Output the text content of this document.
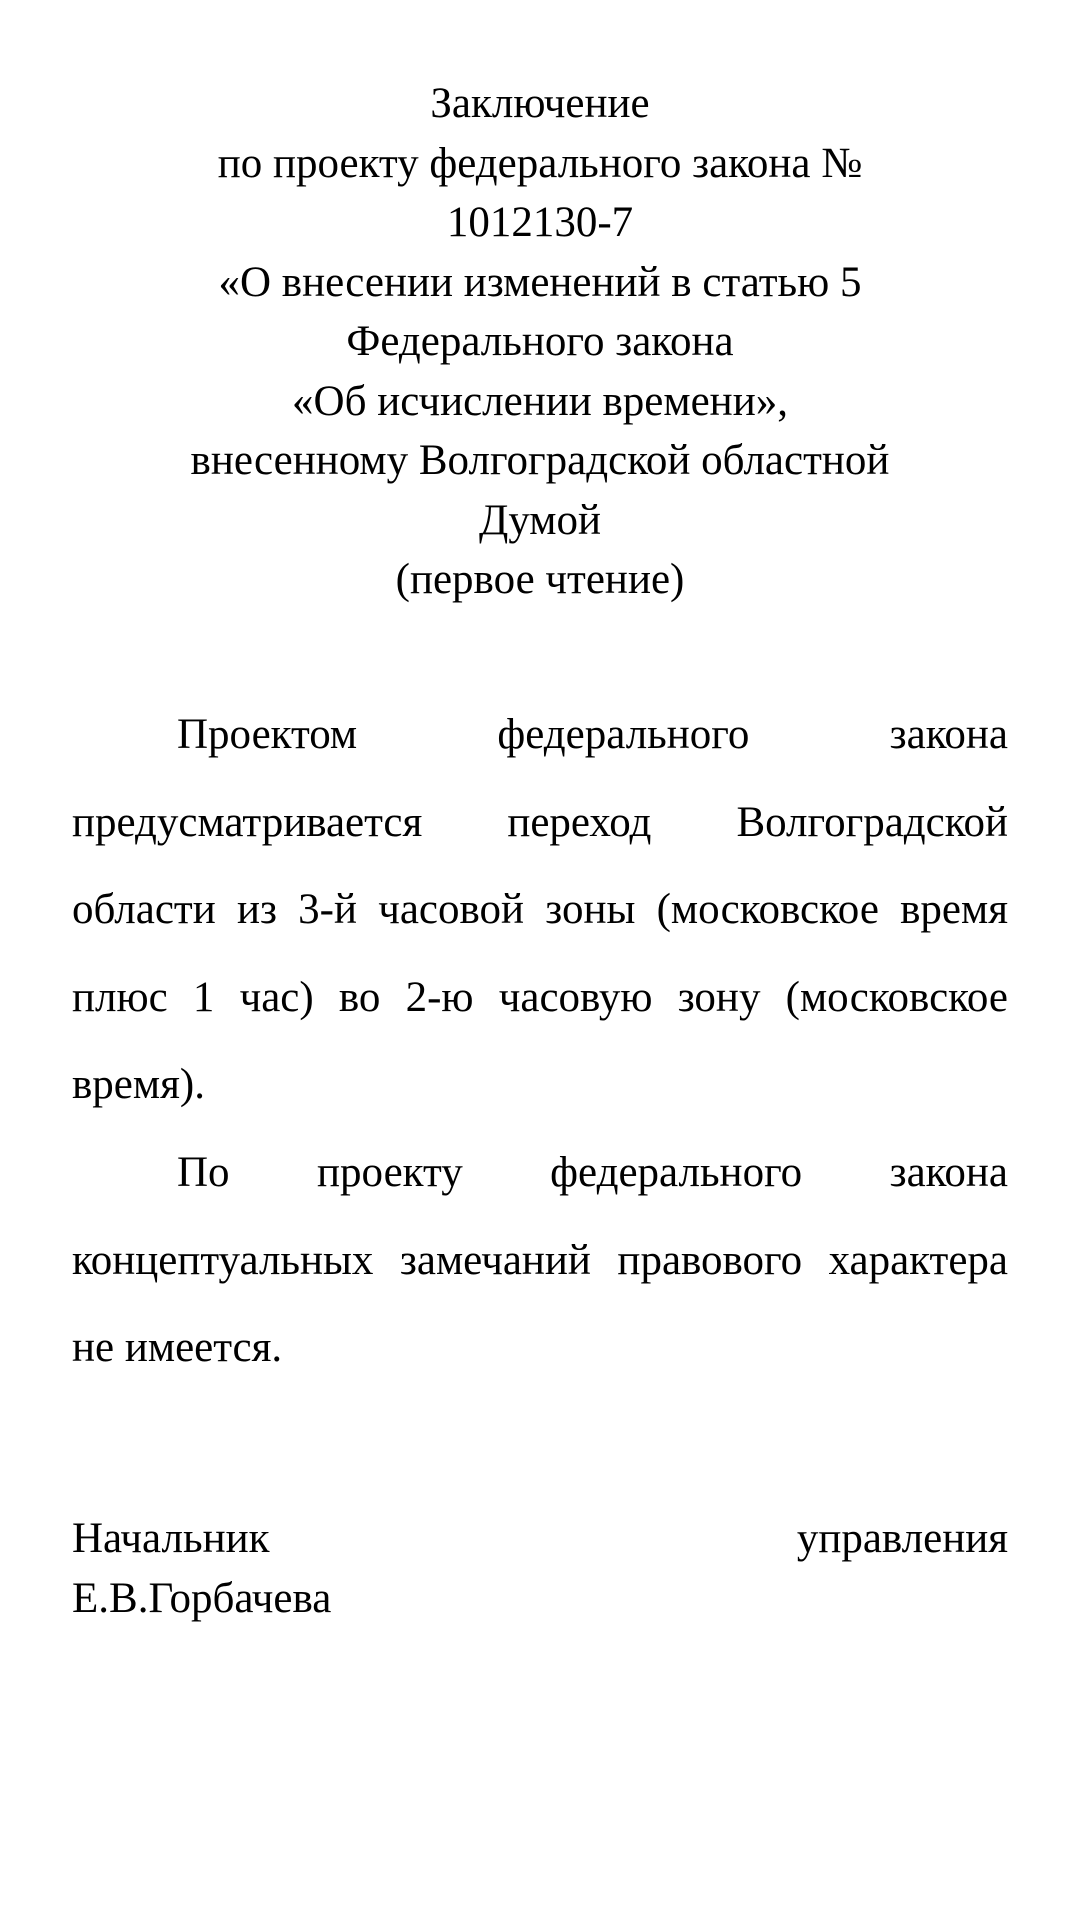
Заключение
по проекту федерального закона №
1012130-7
«О внесении изменений в статью 5
Федерального закона
«Об исчислении времени»,
внесенному Волгоградской областной
Думой
(первое чтение)

Проектом федерального закона предусматривается переход Волгоградской области из 3-й часовой зоны (московское время плюс 1 час) во 2-ю часовую зону (московское время).

По проекту федерального закона концептуальных замечаний правового характера не имеется.

Начальник	управления
Е.В.Горбачева
